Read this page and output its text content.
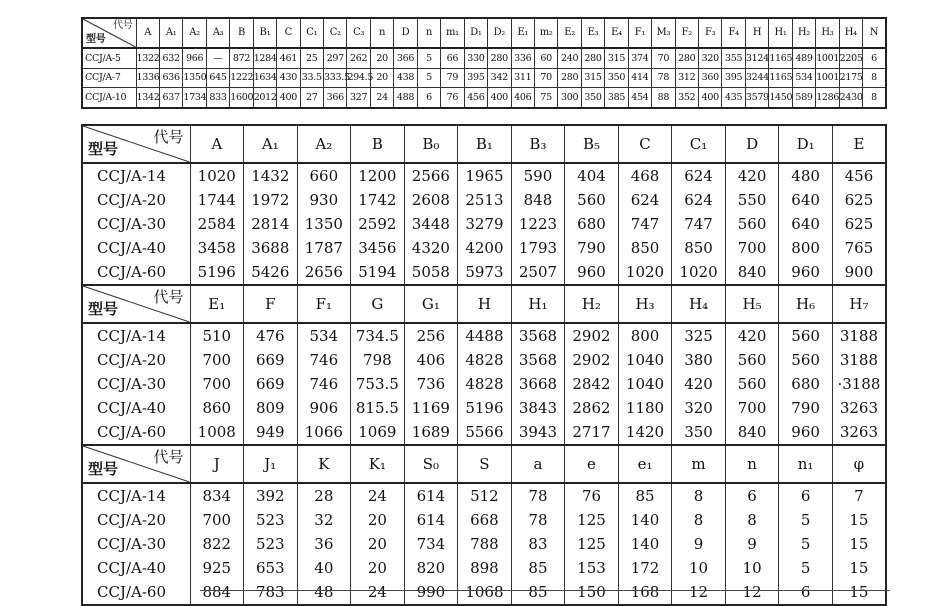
代号
型号	A	A₁	A₂	A₃	B	B₁	C	C₁	C₂	C₃	n	D	n	m₁	D₁	D₂	E₁	m₂	E₂	E₃	E₄	F₁	M₃	F₂	F₃	F₄	H	H₁	H₂	H₃	H₄	N
CCJ/A-5	1322	632	966	—	872	1284	461	25	297	262	20	366	5	66	330	280	336	60	240	280	315	374	70	280	320	355	3124	1165	489	1001	2205	6
CCJ/A-7	1336	636	1350	645	1222	1634	430	33.5	333.5	294.5	20	438	5	79	395	342	311	70	280	315	350	414	78	312	360	395	3244	1165	534	1001	2175	8
CCJ/A-10	1342	637	1734	833	1600	2012	400	27	366	327	24	488	6	76	456	400	406	75	300	350	385	454	88	352	400	435	3579	1450	589	1286	2430	8
代号
型号	A	A₁	A₂	B	B₀	B₁	B₃	B₅	C	C₁	D	D₁	E
CCJ/A-14	1020	1432	660	1200	2566	1965	590	404	468	624	420	480	456
CCJ/A-20	1744	1972	930	1742	2608	2513	848	560	624	624	550	640	625
CCJ/A-30	2584	2814	1350	2592	3448	3279	1223	680	747	747	560	640	625
CCJ/A-40	3458	3688	1787	3456	4320	4200	1793	790	850	850	700	800	765
CCJ/A-60	5196	5426	2656	5194	5058	5973	2507	960	1020	1020	840	960	900

代号
型号	E₁	F	F₁	G	G₁	H	H₁	H₂	H₃	H₄	H₅	H₆	H₇
CCJ/A-14	510	476	534	734.5	256	4488	3568	2902	800	325	420	560	3188
CCJ/A-20	700	669	746	798	406	4828	3568	2902	1040	380	560	560	3188
CCJ/A-30	700	669	746	753.5	736	4828	3668	2842	1040	420	560	680	·3188
CCJ/A-40	860	809	906	815.5	1169	5196	3843	2862	1180	320	700	790	3263
CCJ/A-60	1008	949	1066	1069	1689	5566	3943	2717	1420	350	840	960	3263

代号
型号	J	J₁	K	K₁	S₀	S	a	e	e₁	m	n	n₁	φ
CCJ/A-14	834	392	28	24	614	512	78	76	85	8	6	6	7
CCJ/A-20	700	523	32	20	614	668	78	125	140	8	8	5	15
CCJ/A-30	822	523	36	20	734	788	83	125	140	9	9	5	15
CCJ/A-40	925	653	40	20	820	898	85	153	172	10	10	5	15
CCJ/A-60	884	783	48	24	990	1068	85	150	168	12	12	6	15
